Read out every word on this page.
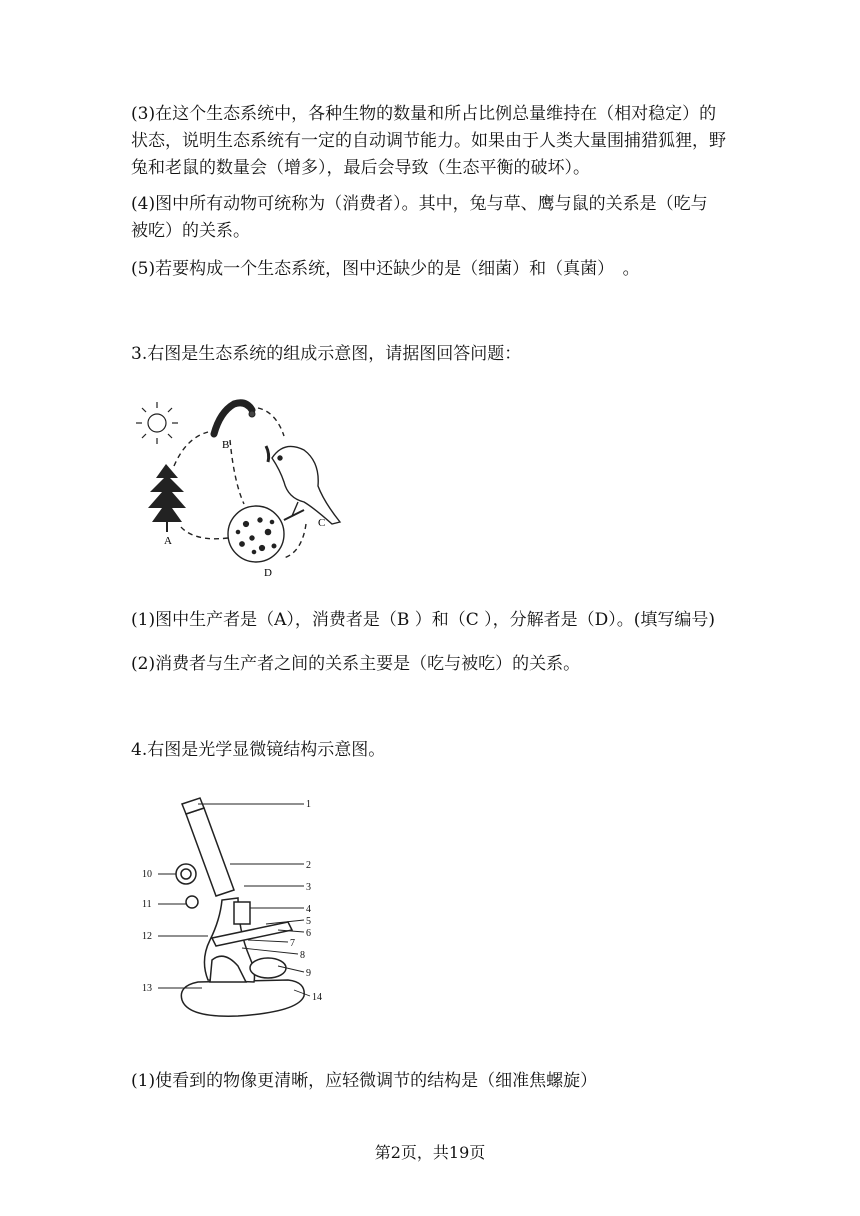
(3)在这个生态系统中，各种生物的数量和所占比例总量维持在（相对稳定）的

状态，说明生态系统有一定的自动调节能力。如果由于人类大量围捕猎狐狸，野

兔和老鼠的数量会（增多），最后会导致（生态平衡的破坏）。

(4)图中所有动物可统称为（消费者）。其中，兔与草、鹰与鼠的关系是（吃与

被吃）的关系。

(5)若要构成一个生态系统，图中还缺少的是（细菌）和（真菌）　。

3.右图是生态系统的组成示意图，请据图回答问题：

B
A
C
D

(1)图中生产者是（A），消费者是（B ）和（C ），分解者是（D）。(填写编号)

(2)消费者与生产者之间的关系主要是（吃与被吃）的关系。

4.右图是光学显微镜结构示意图。

1
2
3
4
5
6
7
8
9
14
10
11
12
13

(1)使看到的物像更清晰，应轻微调节的结构是（细准焦螺旋）

第2页，共19页
